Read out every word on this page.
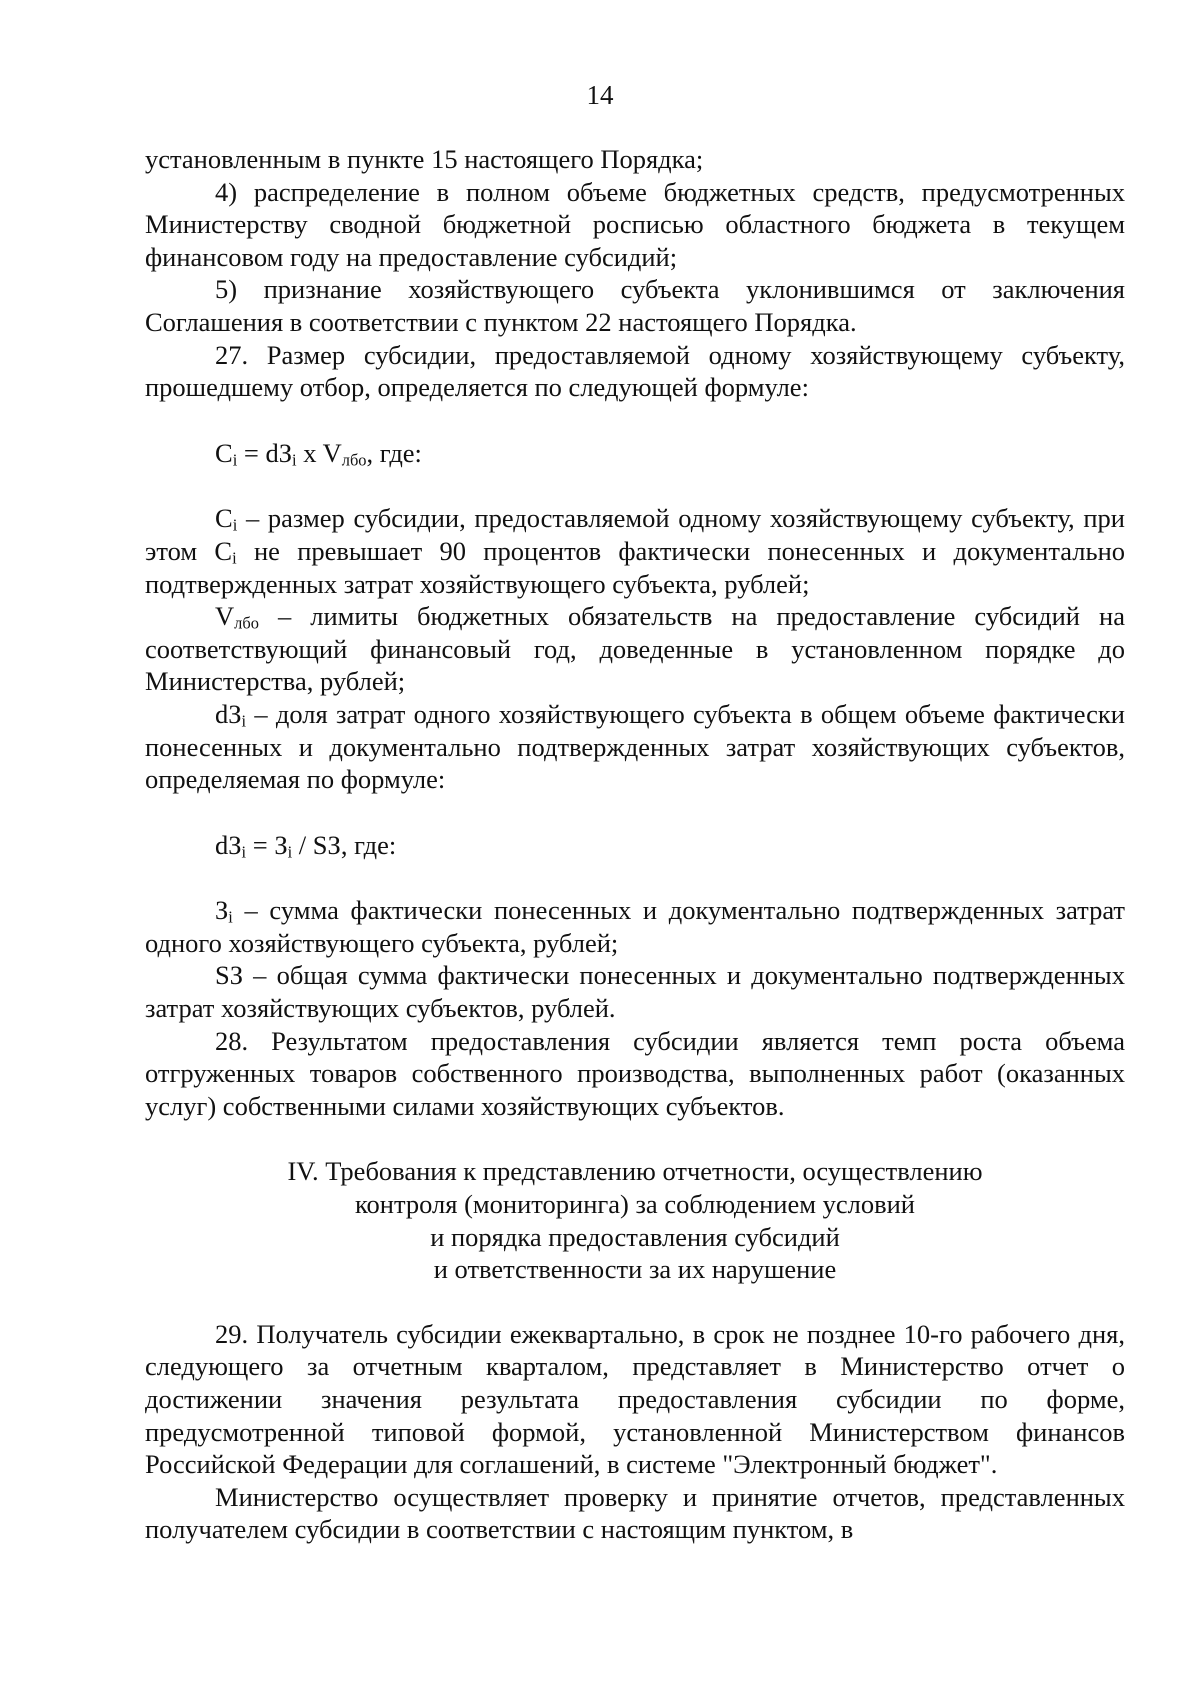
14

установленным в пункте 15 настоящего Порядка;

4) распределение в полном объеме бюджетных средств, предусмотренных Министерству сводной бюджетной росписью областного бюджета в текущем финансовом году на предоставление субсидий;

5) признание хозяйствующего субъекта уклонившимся от заключения Соглашения в соответствии с пунктом 22 настоящего Порядка.

27. Размер субсидии, предоставляемой одному хозяйствующему субъекту, прошедшему отбор, определяется по следующей формуле:

$C_i = dЗ_i$ x $V_{лбо}$, где:

$C_i$ – размер субсидии, предоставляемой одному хозяйствующему субъекту, при этом $C_i$ не превышает 90 процентов фактически понесенных и документально подтвержденных затрат хозяйствующего субъекта, рублей;

$V_{лбо}$ – лимиты бюджетных обязательств на предоставление субсидий на соответствующий финансовый год, доведенные в установленном порядке до Министерства, рублей;

$dЗ_i$ – доля затрат одного хозяйствующего субъекта в общем объеме фактически понесенных и документально подтвержденных затрат хозяйствующих субъектов, определяемая по формуле:

$dЗ_i = З_i$ / SЗ, где:

$З_i$ – сумма фактически понесенных и документально подтвержденных затрат одного хозяйствующего субъекта, рублей;

SЗ – общая сумма фактически понесенных и документально подтвержденных затрат хозяйствующих субъектов, рублей.

28. Результатом предоставления субсидии является темп роста объема отгруженных товаров собственного производства, выполненных работ (оказанных услуг) собственными силами хозяйствующих субъектов.

IV. Требования к представлению отчетности, осуществлению
контроля (мониторинга) за соблюдением условий
и порядка предоставления субсидий
и ответственности за их нарушение

29. Получатель субсидии ежеквартально, в срок не позднее 10-го рабочего дня, следующего за отчетным кварталом, представляет в Министерство отчет о достижении значения результата предоставления субсидии по форме, предусмотренной типовой формой, установленной Министерством финансов Российской Федерации для соглашений, в системе "Электронный бюджет".

Министерство осуществляет проверку и принятие отчетов, представленных получателем субсидии в соответствии с настоящим пунктом, в
